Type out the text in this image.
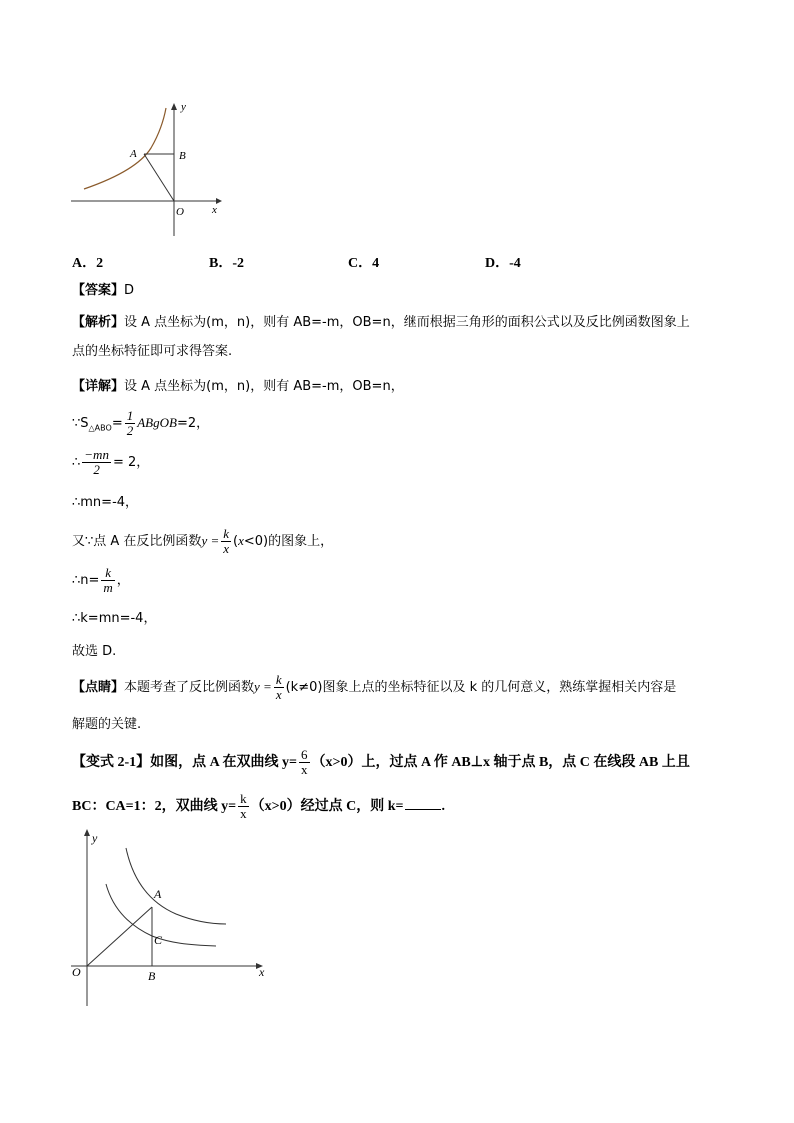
y
A	B
O	x
A．2	B．-2	C．4	D．-4
【答案】D
【解析】设 A 点坐标为(m，n)，则有 AB=-m，OB=n，继而根据三角形的面积公式以及反比例函数图象上
点的坐标特征即可求得答案.
【详解】设 A 点坐标为(m，n)，则有 AB=-m，OB=n，
$\because S_{\triangle ABO}= \frac{1}{2}$ ABgOB=2，
∴ $\frac{-mn}{2} = 2$，
∴mn=-4，
又∵点 A 在反比例函数$y = \frac{k}{x} (x<0)$的图象上，
∴n= $\frac{k}{m}$ ，
∴k=mn=-4，
故选 D.
【点睛】本题考查了反比例函数$y = \frac{k}{x} (k\ne 0)$图象上点的坐标特征以及 k 的几何意义，熟练掌握相关内容是
解题的关键.
【变式 2-1】如图，点 A 在双曲线 $y= \frac{6}{x} (x>0)$上，过点 A 作 AB⊥x 轴于点 B，点 C 在线段 AB 上且
BC：CA=1：2，双曲线 $y= \frac{k}{x} (x>0)$经过点 C，则 k=	.
y
A
C
O	B	x
